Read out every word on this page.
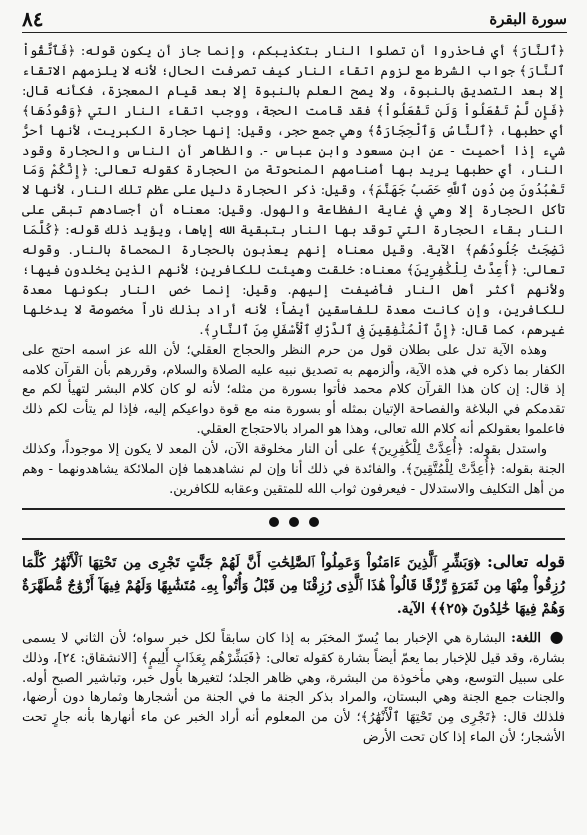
٨٤	سورة البقرة

﴿ٱلنَّارَ﴾ أي فاحذروا أن تصلوا النار بتكذيبكم، وإنما جاز أن يكون قوله: ﴿فَٱتَّقُواْ ٱلنَّارَ﴾ جواب الشرط مع لزوم اتقاء النار كيف تصرفت الحال؛ لأنه لا يلزمهم الاتقاء إلا بعد التصديق بالنبوة، ولا يصح العلم بالنبوة إلا بعد قيام المعجزة، فكأنه قال: ﴿فَإِن لَّمْ تَفْعَلُواْ وَلَن تَفْعَلُواْ﴾ فقد قامت الحجة، ووجب اتقاء النار التي ﴿وَقُودُهَا﴾ أي حطبها، ﴿ٱلنَّاسُ وَٱلْحِجَارَةُ﴾ وهي جمع حجر، وقيل: إنها حجارة الكبريت، لأنها أحرُّ شيء إذا أحميت - عن ابن مسعود وابن عباس -. والظاهر أن الناس والحجارة وقود النار، أي حطبها يريد بها أصنامهم المنحوتة من الحجارة كقوله تعالى: ﴿إِنَّكُمْ وَمَا تَعْبُدُونَ مِن دُونِ ٱللَّهِ حَصَبُ جَهَنَّمَ﴾، وقيل: ذكر الحجارة دليل على عظم تلك النار، لأنها لا تأكل الحجارة إلا وهي في غاية الفظاعة والهول. وقيل: معناه أن أجسادهم تبقى على النار بقاء الحجارة التي توقد بها النار بتبقية الله إياها، ويؤيد ذلك قوله: ﴿كُلَّمَا نَضِجَتْ جُلُودُهُم﴾ الآية. وقيل معناه إنهم يعذبون بالحجارة المحماة بالنار. وقوله تعالى: ﴿أُعِدَّتْ لِلْكَٰفِرِينَ﴾ معناه: خلقت وهيئت للكافرين؛ لأنهم الذين يخلدون فيها؛ ولأنهم أكثر أهل النار فأضيفت إليهم. وقيل: إنما خص النار بكونها معدة للكافرين، وإن كانت معدة للفاسقين أيضاً؛ لأنه أراد بذلك ناراً مخصوصة لا يدخلها غيرهم، كما قال: ﴿إِنَّ ٱلْمُنَٰفِقِينَ فِى ٱلدَّرْكِ ٱلْأَسْفَلِ مِنَ ٱلنَّارِ﴾.

وهذه الآية تدل على بطلان قول من حرم النظر والحجاج العقلي؛ لأن الله عز اسمه احتج على الكفار بما ذكره في هذه الآية، وألزمهم به تصديق نبيه عليه الصلاة والسلام، وقررهم بأن القرآن كلامه إذ قال: إن كان هذا القرآن كلام محمد فأتوا بسورة من مثله؛ لأنه لو كان كلام البشر لتهيأ لكم مع تقدمكم في البلاغة والفصاحة الإتيان بمثله أو بسورة منه مع قوة دواعيكم إليه، فإذا لم يتأت لكم ذلك فاعلموا بعقولكم أنه كلام الله تعالى، وهذا هو المراد بالاحتجاج العقلي.

واستدل بقوله: ﴿أُعِدَّتْ لِلْكَٰفِرِينَ﴾ على أن النار مخلوقة الآن، لأن المعد لا يكون إلا موجوداً، وكذلك الجنة بقوله: ﴿أُعِدَّتْ لِلْمُتَّقِينَ﴾. والفائدة في ذلك أنا وإن لم نشاهدهما فإن الملائكة يشاهدونهما - وهم من أهل التكليف والاستدلال - فيعرفون ثواب الله للمتقين وعقابه للكافرين.

قوله تعالى: ﴿وَبَشِّرِ ٱلَّذِينَ ءَامَنُواْ وَعَمِلُواْ ٱلصَّٰلِحَٰتِ أَنَّ لَهُمْ جَنَّٰتٍ تَجْرِى مِن تَحْتِهَا ٱلْأَنْهَٰرُ كُلَّمَا رُزِقُواْ مِنْهَا مِن ثَمَرَةٍ رِّزْقًا قَالُواْ هَٰذَا ٱلَّذِى رُزِقْنَا مِن قَبْلُ وَأُتُواْ بِهِۦ مُتَشَٰبِهًا وَلَهُمْ فِيهَآ أَزْوَٰجٌ مُّطَهَّرَةٌ وَهُمْ فِيهَا خَٰلِدُونَ ﴿٢٥﴾﴾ الآية.

● اللغة: البشارة هي الإخبار بما يُسرّ المخبَر به إذا كان سابقاً لكل خبر سواه؛ لأن الثاني لا يسمى بشارة، وقد قيل للإخبار بما يعمّ أيضاً بشارة كقوله تعالى: ﴿فَبَشِّرْهُم بِعَذَابٍ أَلِيمٍ﴾ [الانشقاق: ٢٤]، وذلك على سبيل التوسع، وهي مأخوذة من البشرة، وهي ظاهر الجلد؛ لتغيرها بأول خبر، وتباشير الصبح أوله. والجنات جمع الجنة وهي البستان، والمراد بذكر الجنة ما في الجنة من أشجارها وثمارها دون أرضها، فلذلك قال: ﴿تَجْرِى مِن تَحْتِهَا ٱلْأَنْهَٰرُ﴾؛ لأن من المعلوم أنه أراد الخبر عن ماء أنهارها بأنه جارٍ تحت الأشجار؛ لأن الماء إذا كان تحت الأرض
